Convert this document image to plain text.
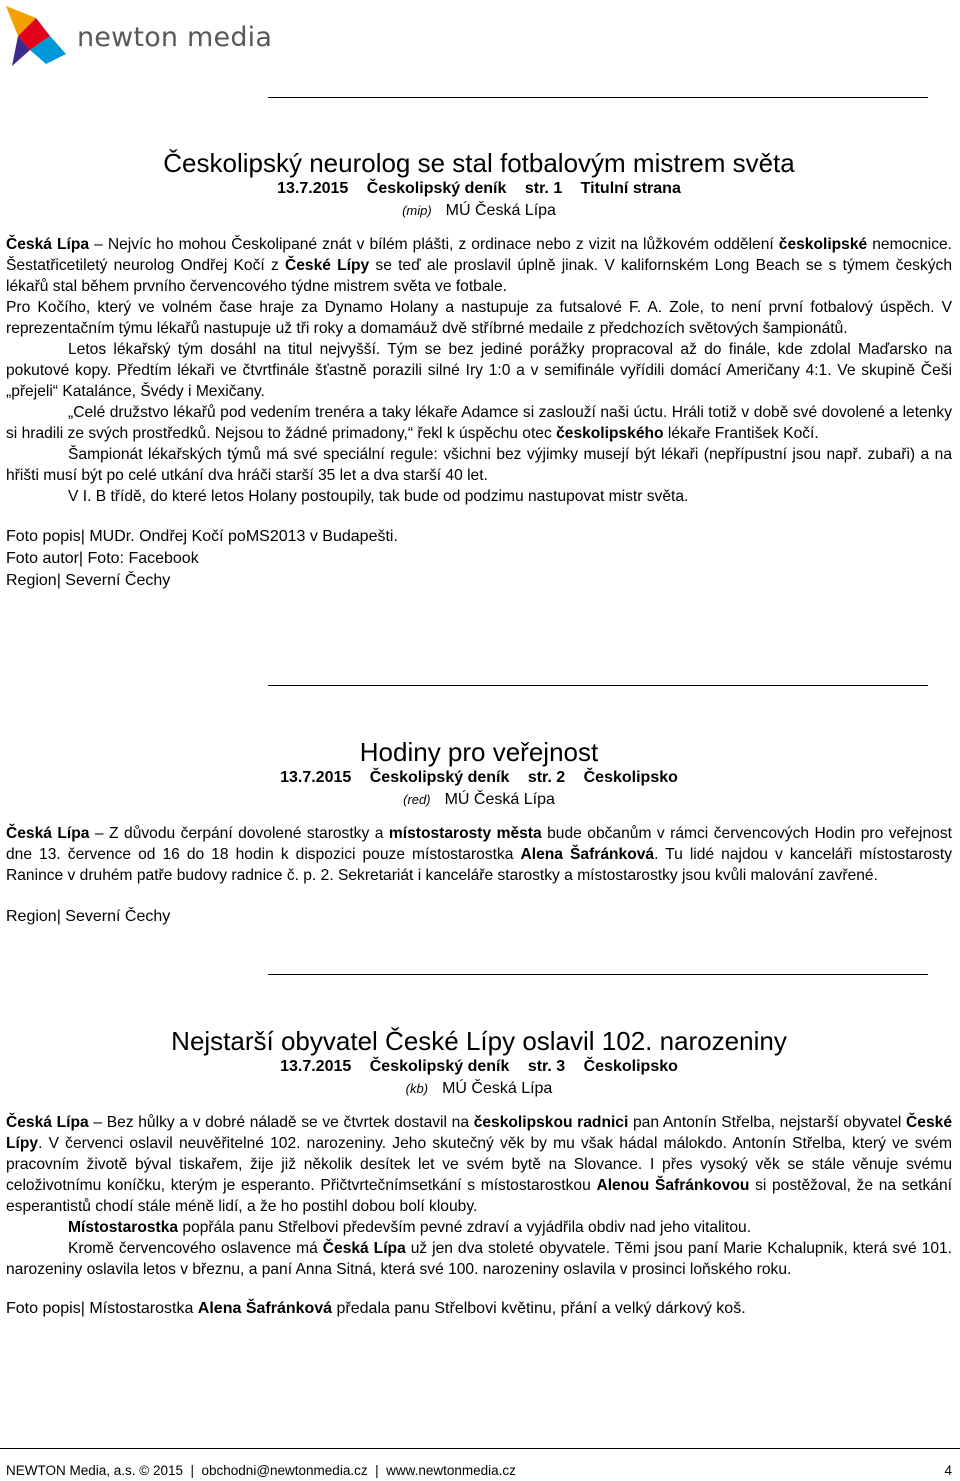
newton media
Českolipský neurolog se stal fotbalovým mistrem světa
13.7.2015 Českolipský deník str. 1 Titulní strana
(mip) MÚ Česká Lípa

Česká Lípa – Nejvíc ho mohou Českolipané znát v bílém plášti, z ordinace nebo z vizit na lůžkovém oddělení českolipské nemocnice. Šestatřicetiletý neurolog Ondřej Kočí z České Lípy se teď ale proslavil úplně jinak. V kalifornském Long Beach se s týmem českých lékařů stal během prvního červencového týdne mistrem světa ve fotbale.

Pro Kočího, který ve volném čase hraje za Dynamo Holany a nastupuje za futsalové F. A. Zole, to není první fotbalový úspěch. V reprezentačním týmu lékařů nastupuje už tři roky a domamáuž dvě stříbrné medaile z předchozích světových šampionátů.

Letos lékařský tým dosáhl na titul nejvyšší. Tým se bez jediné porážky propracoval až do finále, kde zdolal Maďarsko na pokutové kopy. Předtím lékaři ve čtvrtfinále šťastně porazili silné Iry 1:0 a v semifinále vyřídili domácí Američany 4:1. Ve skupině Češi „přejeli“ Katalánce, Švédy i Mexičany.

„Celé družstvo lékařů pod vedením trenéra a taky lékaře Adamce si zaslouží naši úctu. Hráli totiž v době své dovolené a letenky si hradili ze svých prostředků. Nejsou to žádné primadony,“ řekl k úspěchu otec českolipského lékaře František Kočí.

Šampionát lékařských týmů má své speciální regule: všichni bez výjimky musejí být lékaři (nepřípustní jsou např. zubaři) a na hřišti musí být po celé utkání dva hráči starší 35 let a dva starší 40 let.

V I. B třídě, do které letos Holany postoupily, tak bude od podzimu nastupovat mistr světa.

Foto popis| MUDr. Ondřej Kočí poMS2013 v Budapešti.

Foto autor| Foto: Facebook

Region| Severní Čechy

Hodiny pro veřejnost
13.7.2015 Českolipský deník str. 2 Českolipsko
(red) MÚ Česká Lípa

Česká Lípa – Z důvodu čerpání dovolené starostky a místostarosty města bude občanům v rámci červencových Hodin pro veřejnost dne 13. července od 16 do 18 hodin k dispozici pouze místostarostka Alena Šafránková. Tu lidé najdou v kanceláři místostarosty Ranince v druhém patře budovy radnice č. p. 2. Sekretariát i kanceláře starostky a místostarostky jsou kvůli malování zavřené.

Region| Severní Čechy

Nejstarší obyvatel České Lípy oslavil 102. narozeniny
13.7.2015 Českolipský deník str. 3 Českolipsko
(kb) MÚ Česká Lípa

Česká Lípa – Bez hůlky a v dobré náladě se ve čtvrtek dostavil na českolipskou radnici pan Antonín Střelba, nejstarší obyvatel České Lípy. V červenci oslavil neuvěřitelné 102. narozeniny. Jeho skutečný věk by mu však hádal málokdo. Antonín Střelba, který ve svém pracovním životě býval tiskařem, žije již několik desítek let ve svém bytě na Slovance. I přes vysoký věk se stále věnuje svému celoživotnímu koníčku, kterým je esperanto. Přičtvrtečnímsetkání s místostarostkou Alenou Šafránkovou si postěžoval, že na setkání esperantistů chodí stále méně lidí, a že ho postihl dobou bolí klouby.

Místostarostka popřála panu Střelbovi především pevné zdraví a vyjádřila obdiv nad jeho vitalitou.

Kromě červencového oslavence má Česká Lípa už jen dva stoleté obyvatele. Těmi jsou paní Marie Kchalupnik, která své 101. narozeniny oslavila letos v březnu, a paní Anna Sitná, která své 100. narozeniny oslavila v prosinci loňského roku.

Foto popis| Místostarostka Alena Šafránková předala panu Střelbovi květinu, přání a velký dárkový koš.

NEWTON Media, a.s. © 2015  |  obchodni@newtonmedia.cz  |  www.newtonmedia.cz	4
